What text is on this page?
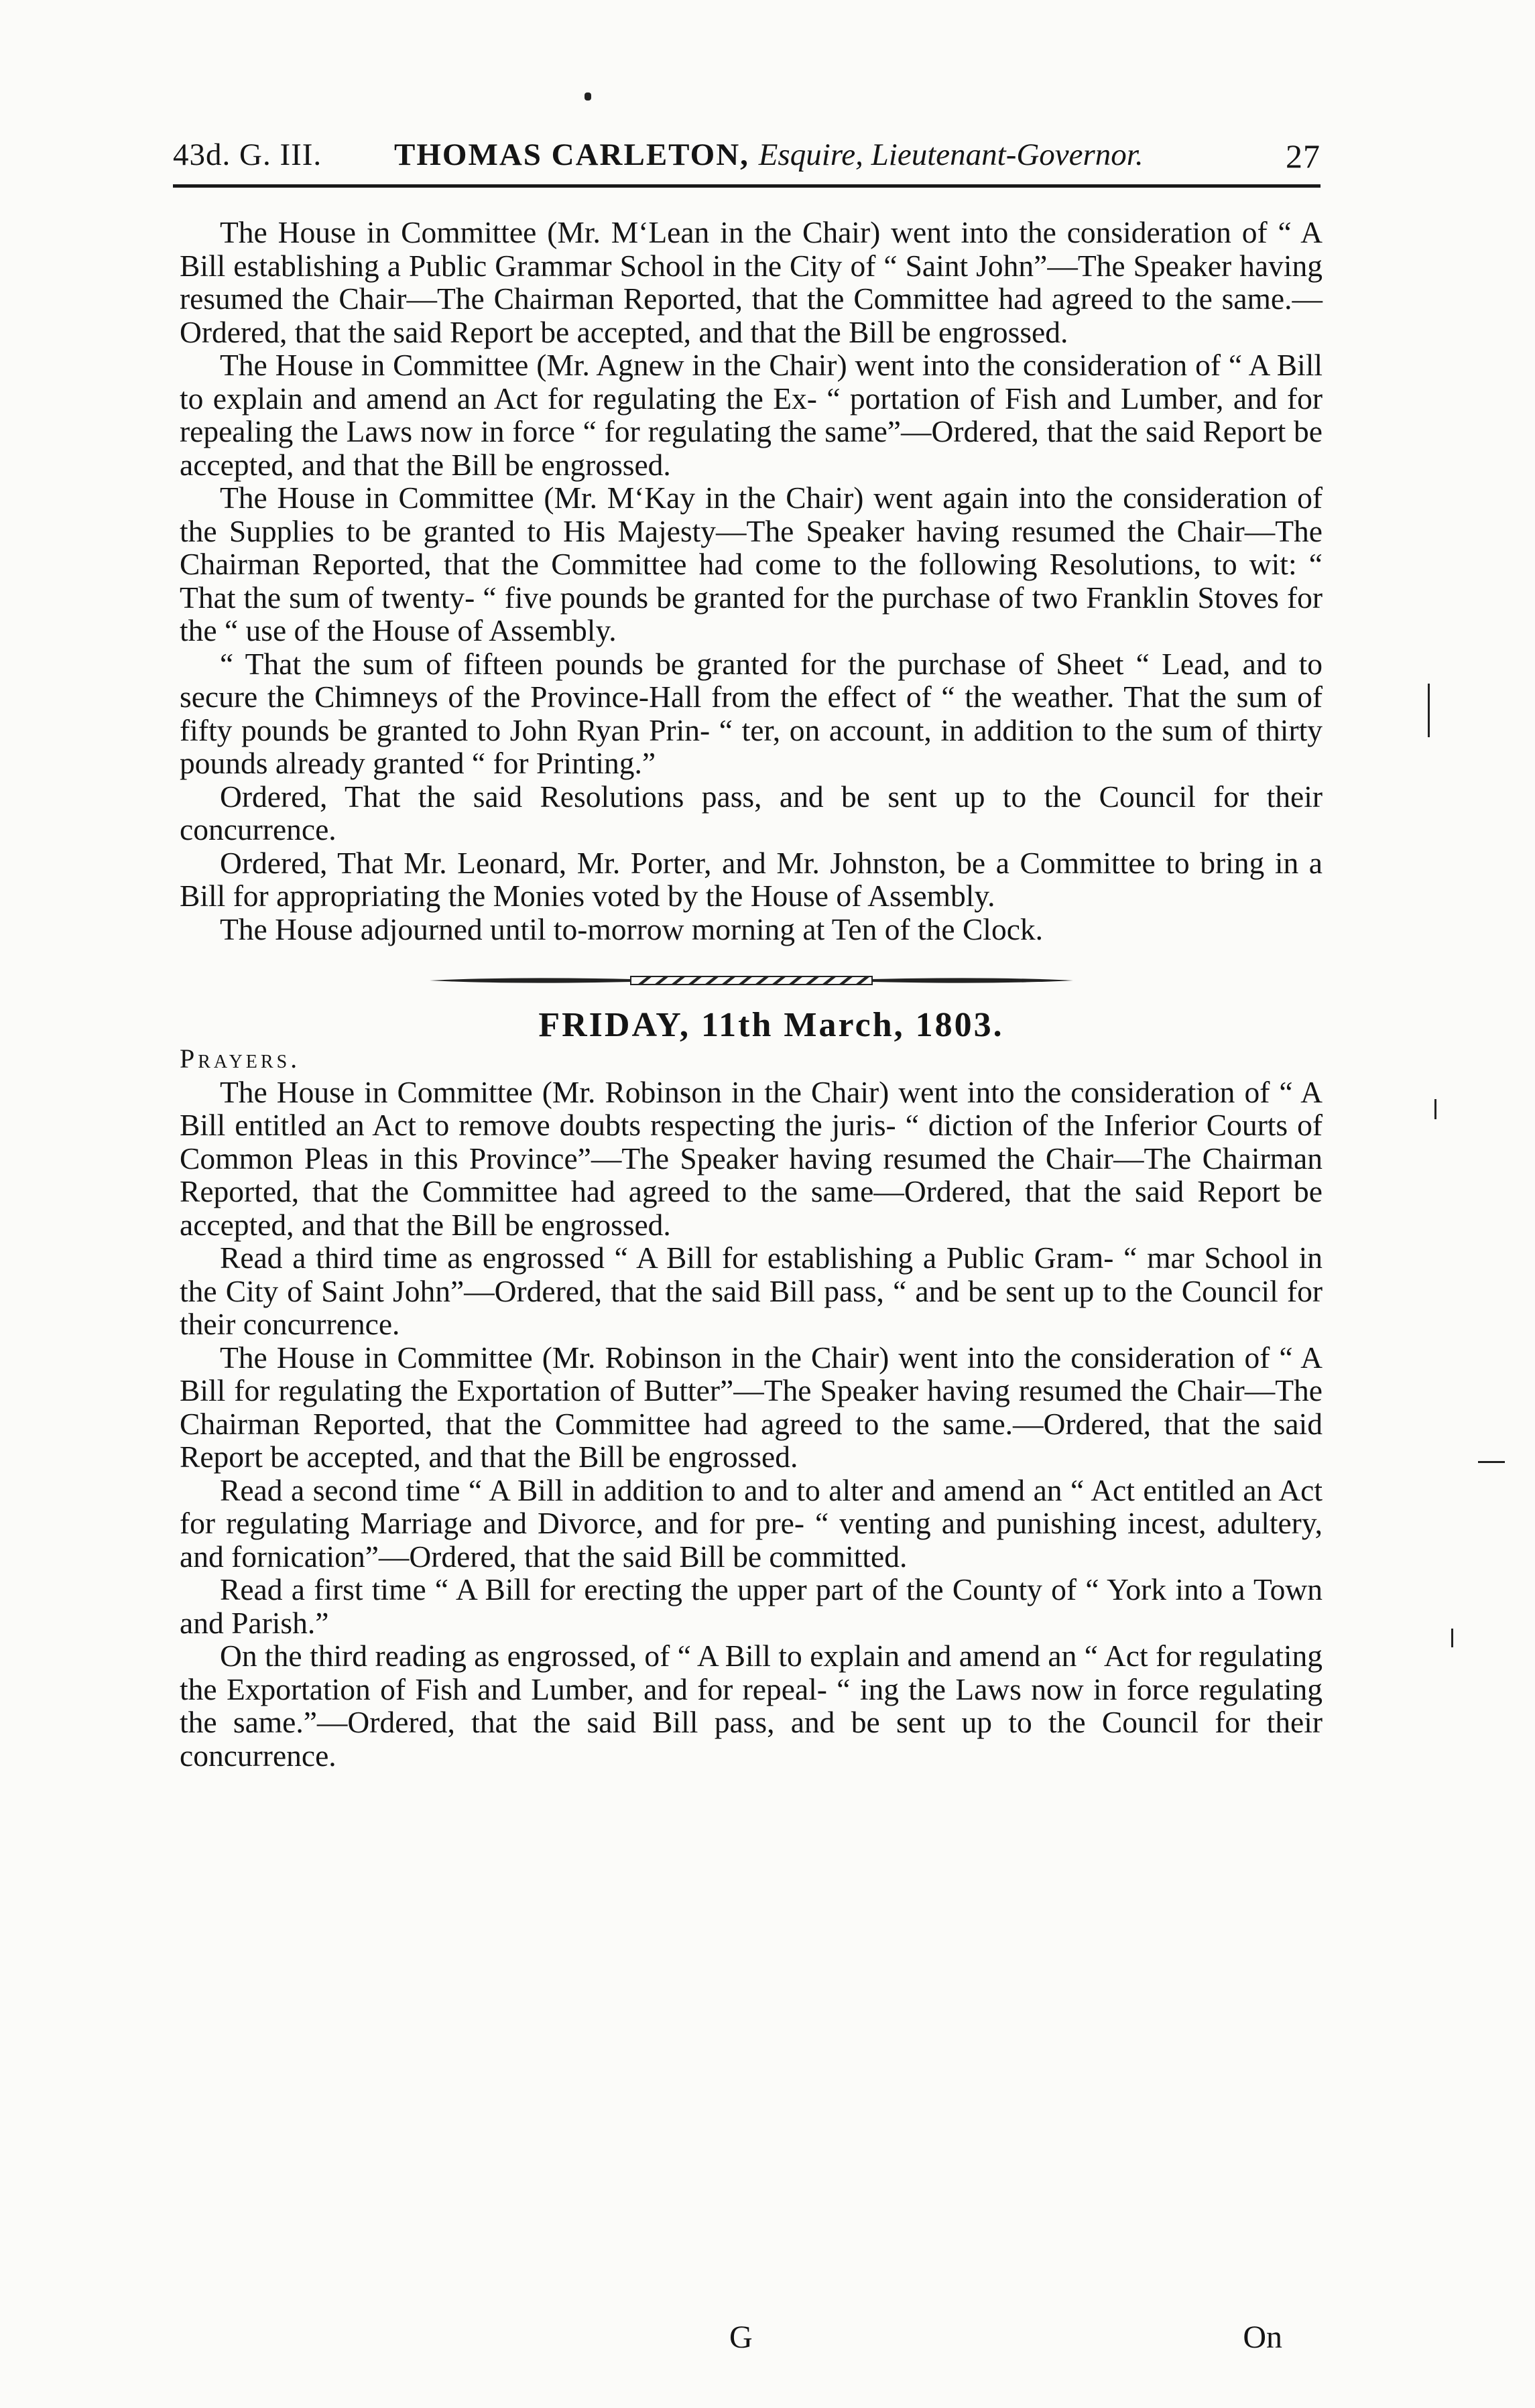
43d. G. III. THOMAS CARLETON, Esquire, Lieutenant-Governor.	27

The House in Committee (Mr. M‘Lean in the Chair) went into the consideration of “ A Bill establishing a Public Grammar School in the City of “ Saint John”—The Speaker having resumed the Chair—The Chairman Reported, that the Committee had agreed to the same.—Ordered, that the said Report be accepted, and that the Bill be engrossed.

The House in Committee (Mr. Agnew in the Chair) went into the consideration of “ A Bill to explain and amend an Act for regulating the Ex- “ portation of Fish and Lumber, and for repealing the Laws now in force “ for regulating the same”—Ordered, that the said Report be accepted, and that the Bill be engrossed.

The House in Committee (Mr. M‘Kay in the Chair) went again into the consideration of the Supplies to be granted to His Majesty—The Speaker having resumed the Chair—The Chairman Reported, that the Committee had come to the following Resolutions, to wit: “ That the sum of twenty- “ five pounds be granted for the purchase of two Franklin Stoves for the “ use of the House of Assembly.

“ That the sum of fifteen pounds be granted for the purchase of Sheet “ Lead, and to secure the Chimneys of the Province-Hall from the effect of “ the weather. That the sum of fifty pounds be granted to John Ryan Prin- “ ter, on account, in addition to the sum of thirty pounds already granted “ for Printing.”

Ordered, That the said Resolutions pass, and be sent up to the Council for their concurrence.

Ordered, That Mr. Leonard, Mr. Porter, and Mr. Johnston, be a Committee to bring in a Bill for appropriating the Monies voted by the House of Assembly.

The House adjourned until to-morrow morning at Ten of the Clock.

FRIDAY, 11th March, 1803.

Prayers.

The House in Committee (Mr. Robinson in the Chair) went into the consideration of “ A Bill entitled an Act to remove doubts respecting the juris- “ diction of the Inferior Courts of Common Pleas in this Province”—The Speaker having resumed the Chair—The Chairman Reported, that the Committee had agreed to the same—Ordered, that the said Report be accepted, and that the Bill be engrossed.

Read a third time as engrossed “ A Bill for establishing a Public Gram- “ mar School in the City of Saint John”—Ordered, that the said Bill pass, “ and be sent up to the Council for their concurrence.

The House in Committee (Mr. Robinson in the Chair) went into the consideration of “ A Bill for regulating the Exportation of Butter”—The Speaker having resumed the Chair—The Chairman Reported, that the Committee had agreed to the same.—Ordered, that the said Report be accepted, and that the Bill be engrossed.

Read a second time “ A Bill in addition to and to alter and amend an “ Act entitled an Act for regulating Marriage and Divorce, and for pre- “ venting and punishing incest, adultery, and fornication”—Ordered, that the said Bill be committed.

Read a first time “ A Bill for erecting the upper part of the County of “ York into a Town and Parish.”

On the third reading as engrossed, of “ A Bill to explain and amend an “ Act for regulating the Exportation of Fish and Lumber, and for repeal- “ ing the Laws now in force regulating the same.”—Ordered, that the said Bill pass, and be sent up to the Council for their concurrence.

G	On
